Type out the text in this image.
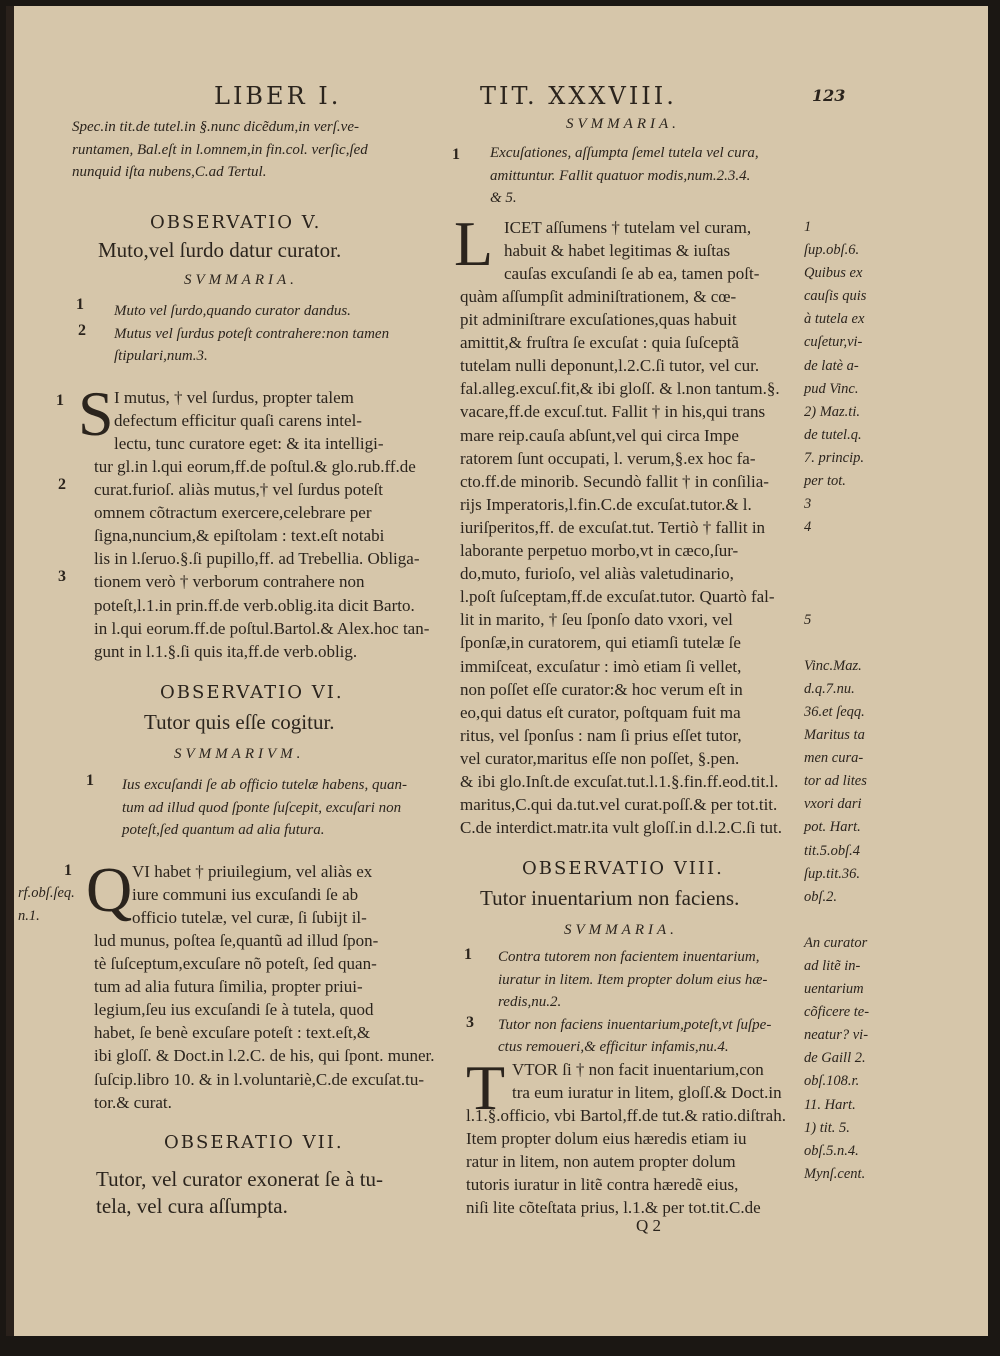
LIBER I.	TIT. XXXVIII.	123
Spec.in tit.de tutel.in §.nunc dicẽdum,in verſ.ve-
runtamen, Bal.eſt in l.omnem,in fin.col. verſic,ſed
nunquid iſta nubens,C.ad Tertul.
OBSERVATIO V.
Muto,vel ſurdo datur curator.
SVMMARIA.
1
2
Muto vel ſurdo,quando curator dandus.
Mutus vel ſurdus poteſt contrahere:non tamen
ſtipulari,num.3.
S
1
2
3
I mutus, † vel ſurdus, propter talem
defectum efficitur quaſi carens intel-
lectu, tunc curatore eget: & ita intelligi-
tur gl.in l.qui eorum,ff.de poſtul.& glo.rub.ff.de
curat.furioſ. aliàs mutus,† vel ſurdus poteſt
omnem cõtractum exercere,celebrare per
ſigna,nuncium,& epiſtolam : text.eſt notabi
lis in l.ſeruo.§.ſi pupillo,ff. ad Trebellia. Obliga-
tionem verò † verborum contrahere non
poteſt,l.1.in prin.ff.de verb.oblig.ita dicit Barto.
in l.qui eorum.ff.de poſtul.Bartol.& Alex.hoc tan-
gunt in l.1.§.ſi quis ita,ff.de verb.oblig.
OBSERVATIO VI.
Tutor quis eſſe cogitur.
SVMMARIVM.
1 Ius excuſandi ſe ab officio tutelæ habens, quan-
tum ad illud quod ſponte ſuſcepit, excuſari non
poteſt,ſed quantum ad alia futura.
1
rf.obſ.ſeq.
n.1. Q VI habet † priuilegium, vel aliàs ex
iure communi ius excuſandi ſe ab
officio tutelæ, vel curæ, ſi ſubijt il-
lud munus, poſtea ſe,quantũ ad illud ſpon-
tè ſuſceptum,excuſare nõ poteſt, ſed quan-
tum ad alia futura ſimilia, propter priui-
legium,ſeu ius excuſandi ſe à tutela, quod
habet, ſe benè excuſare poteſt : text.eſt,&
ibi gloſſ. & Doct.in l.2.C. de his, qui ſpont. muner.
ſuſcip.libro 10. & in l.voluntariè,C.de excuſat.tu-
tor.& curat.
OBSERATIO VII.
Tutor, vel curator exonerat ſe à tu-
tela, vel cura aſſumpta.
SVMMARIA.
1 Excuſationes, aſſumpta ſemel tutela vel cura,
amittuntur. Fallit quatuor modis,num.2.3.4.
& 5.
L ICET aſſumens † tutelam vel curam,
habuit & habet legitimas & iuſtas
cauſas excuſandi ſe ab ea, tamen poſt-
quàm aſſumpſit adminiſtrationem, & cœ-
pit adminiſtrare excuſationes,quas habuit
amittit,& fruſtra ſe excuſat : quia ſuſceptã
tutelam nulli deponunt,l.2.C.ſi tutor, vel cur.
fal.alleg.excuſ.fit,& ibi gloſſ. & l.non tantum.§.
vacare,ff.de excuſ.tut. Fallit † in his,qui trans
mare reip.cauſa abſunt,vel qui circa Impe
ratorem ſunt occupati, l. verum,§.ex hoc fa-
cto.ff.de minorib. Secundò fallit † in conſilia-
rijs Imperatoris,l.fin.C.de excuſat.tutor.& l.
iuriſperitos,ff. de excuſat.tut. Tertiò † fallit in
laborante perpetuo morbo,vt in cæco,ſur-
do,muto, furioſo, vel aliàs valetudinario,
l.poſt ſuſceptam,ff.de excuſat.tutor. Quartò fal-
lit in marito, † ſeu ſponſo dato vxori, vel
ſponſæ,in curatorem, qui etiamſi tutelæ ſe
immiſceat, excuſatur : imò etiam ſi vellet,
non poſſet eſſe curator:& hoc verum eſt in
eo,qui datus eſt curator, poſtquam fuit ma
ritus, vel ſponſus : nam ſi prius eſſet tutor,
vel curator,maritus eſſe non poſſet, §.pen.
& ibi glo.Inſt.de excuſat.tut.l.1.§.fin.ff.eod.tit.l.
maritus,C.qui da.tut.vel curat.poſſ.& per tot.tit.
C.de interdict.matr.ita vult gloſſ.in d.l.2.C.ſi tut.
1
ſup.obſ.6.
Quibus ex
cauſis quis
à tutela ex
cuſetur,vi-
de latè a-
pud Vinc.
2) Maz.ti.
de tutel.q.
7. princip.
per tot.
3
4
5
Vinc.Maz.
d.q.7.nu.
36.et ſeqq.
Maritus ta
men cura-
tor ad lites
vxori dari
pot. Hart.
tit.5.obſ.4
ſup.tit.36.
obſ.2.
An curator
ad litẽ in-
uentarium
cõficere te-
neatur? vi-
de Gaill 2.
obſ.108.r.
11. Hart.
1) tit. 5.
obſ.5.n.4.
Mynſ.cent.
OBSERVATIO VIII.
Tutor inuentarium non faciens.
SVMMARIA.
1
3
Contra tutorem non facientem inuentarium,
iuratur in litem. Item propter dolum eius hæ-
redis,nu.2.
Tutor non faciens inuentarium,poteſt,vt ſuſpe-
ctus remoueri,& efficitur infamis,nu.4.
T VTOR ſi † non facit inuentarium,con
tra eum iuratur in litem, gloſſ.& Doct.in
l.1.§.officio, vbi Bartol,ff.de tut.& ratio.diſtrah.
Item propter dolum eius hæredis etiam iu
ratur in litem, non autem propter dolum
tutoris iuratur in litẽ contra hæredẽ eius,
niſi lite cõteſtata prius, l.1.& per tot.tit.C.de
Q 2
